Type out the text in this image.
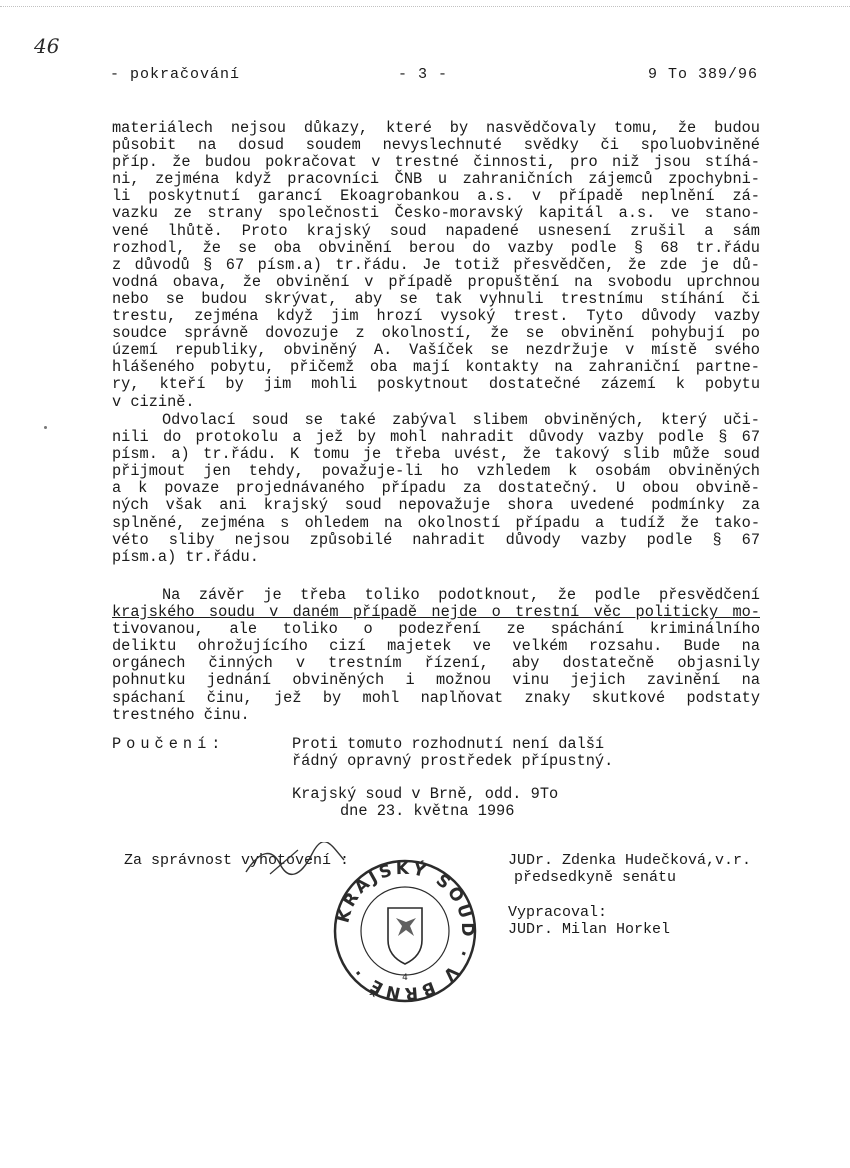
46
- pokračování	- 3 -	9 To 389/96
materiálech nejsou důkazy, které by nasvědčovaly tomu, že budou
působit na dosud soudem nevyslechnuté svědky či spoluobviněné
příp. že budou pokračovat v trestné činnosti, pro niž jsou stíhá-
ni, zejména když pracovníci ČNB u zahraničních zájemců zpochybni-
li poskytnutí garancí Ekoagrobankou a.s. v případě neplnění zá-
vazku ze strany společnosti Česko-moravský kapitál a.s. ve stano-
vené lhůtě. Proto krajský soud napadené usnesení zrušil a sám
rozhodl, že se oba obvinění berou do vazby podle § 68 tr.řádu
z důvodů § 67 písm.a) tr.řádu. Je totiž přesvědčen, že zde je dů-
vodná obava, že obvinění v případě propuštění na svobodu uprchnou
nebo se budou skrývat, aby se tak vyhnuli trestnímu stíhání či
trestu, zejména když jim hrozí vysoký trest. Tyto důvody vazby
soudce správně dovozuje z okolností, že se obvinění pohybují po
území republiky, obviněný A. Vašíček se nezdržuje v místě svého
hlášeného pobytu, přičemž oba mají kontakty na zahraniční partne-
ry, kteří by jim mohli poskytnout dostatečné zázemí k pobytu
v cizině.
Odvolací soud se také zabýval slibem obviněných, který uči-
nili do protokolu a jež by mohl nahradit důvody vazby podle § 67
písm. a) tr.řádu. K tomu je třeba uvést, že takový slib může soud
přijmout jen tehdy, považuje-li ho vzhledem k osobám obviněných
a k povaze projednávaného případu za dostatečný. U obou obvině-
ných však ani krajský soud nepovažuje shora uvedené podmínky za
splněné, zejména s ohledem na okolností případu a tudíž že tako-
véto sliby nejsou způsobilé nahradit důvody vazby podle § 67
písm.a) tr.řádu.
Na závěr je třeba toliko podotknout, že podle přesvědčení
krajského soudu v daném případě nejde o trestní věc politicky mo-
tivovanou, ale toliko o podezření ze spáchání kriminálního
deliktu ohrožujícího cizí majetek ve velkém rozsahu. Bude na
orgánech činných v trestním řízení, aby dostatečně objasnily
pohnutku jednání obviněných i možnou vinu jejich zavinění na
spáchaní činu, jež by mohl naplňovat znaky skutkové podstaty
trestného činu.
Poučení:	Proti tomuto rozhodnutí není další
řádný opravný prostředek přípustný.
Krajský soud v Brně, odd. 9To
dne 23. května 1996
Za správnost vyhotovení :	JUDr. Zdenka Hudečková,v.r.
předsedkyně senátu
Vypracoval:
JUDr. Milan Horkel
KRAJSKÝ SOUD · V BRNĚ ·	4
